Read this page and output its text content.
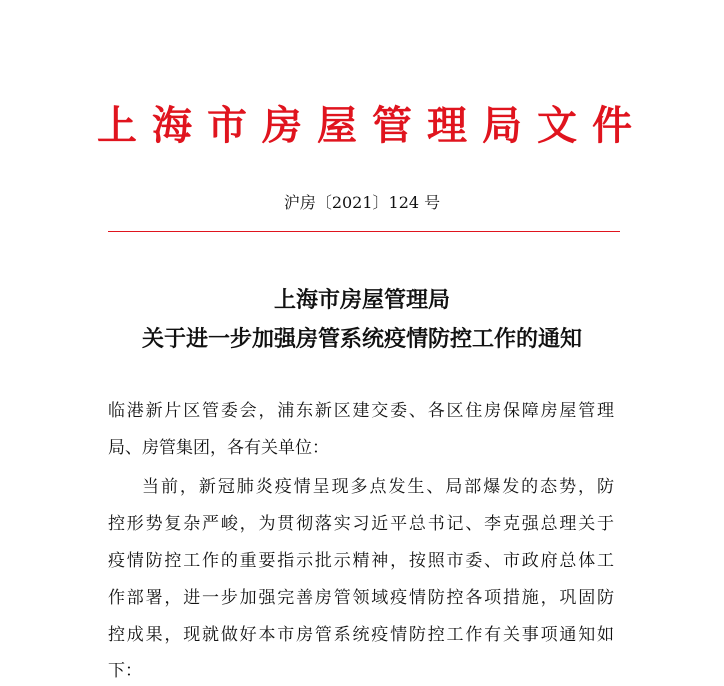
上海市房屋管理局文件
沪房〔2021〕124 号
上海市房屋管理局
关于进一步加强房管系统疫情防控工作的通知
临港新片区管委会，浦东新区建交委、各区住房保障房屋管理
局、房管集团，各有关单位：
当前，新冠肺炎疫情呈现多点发生、局部爆发的态势，防
控形势复杂严峻，为贯彻落实习近平总书记、李克强总理关于
疫情防控工作的重要指示批示精神，按照市委、市政府总体工
作部署，进一步加强完善房管领域疫情防控各项措施，巩固防
控成果，现就做好本市房管系统疫情防控工作有关事项通知如
下：
